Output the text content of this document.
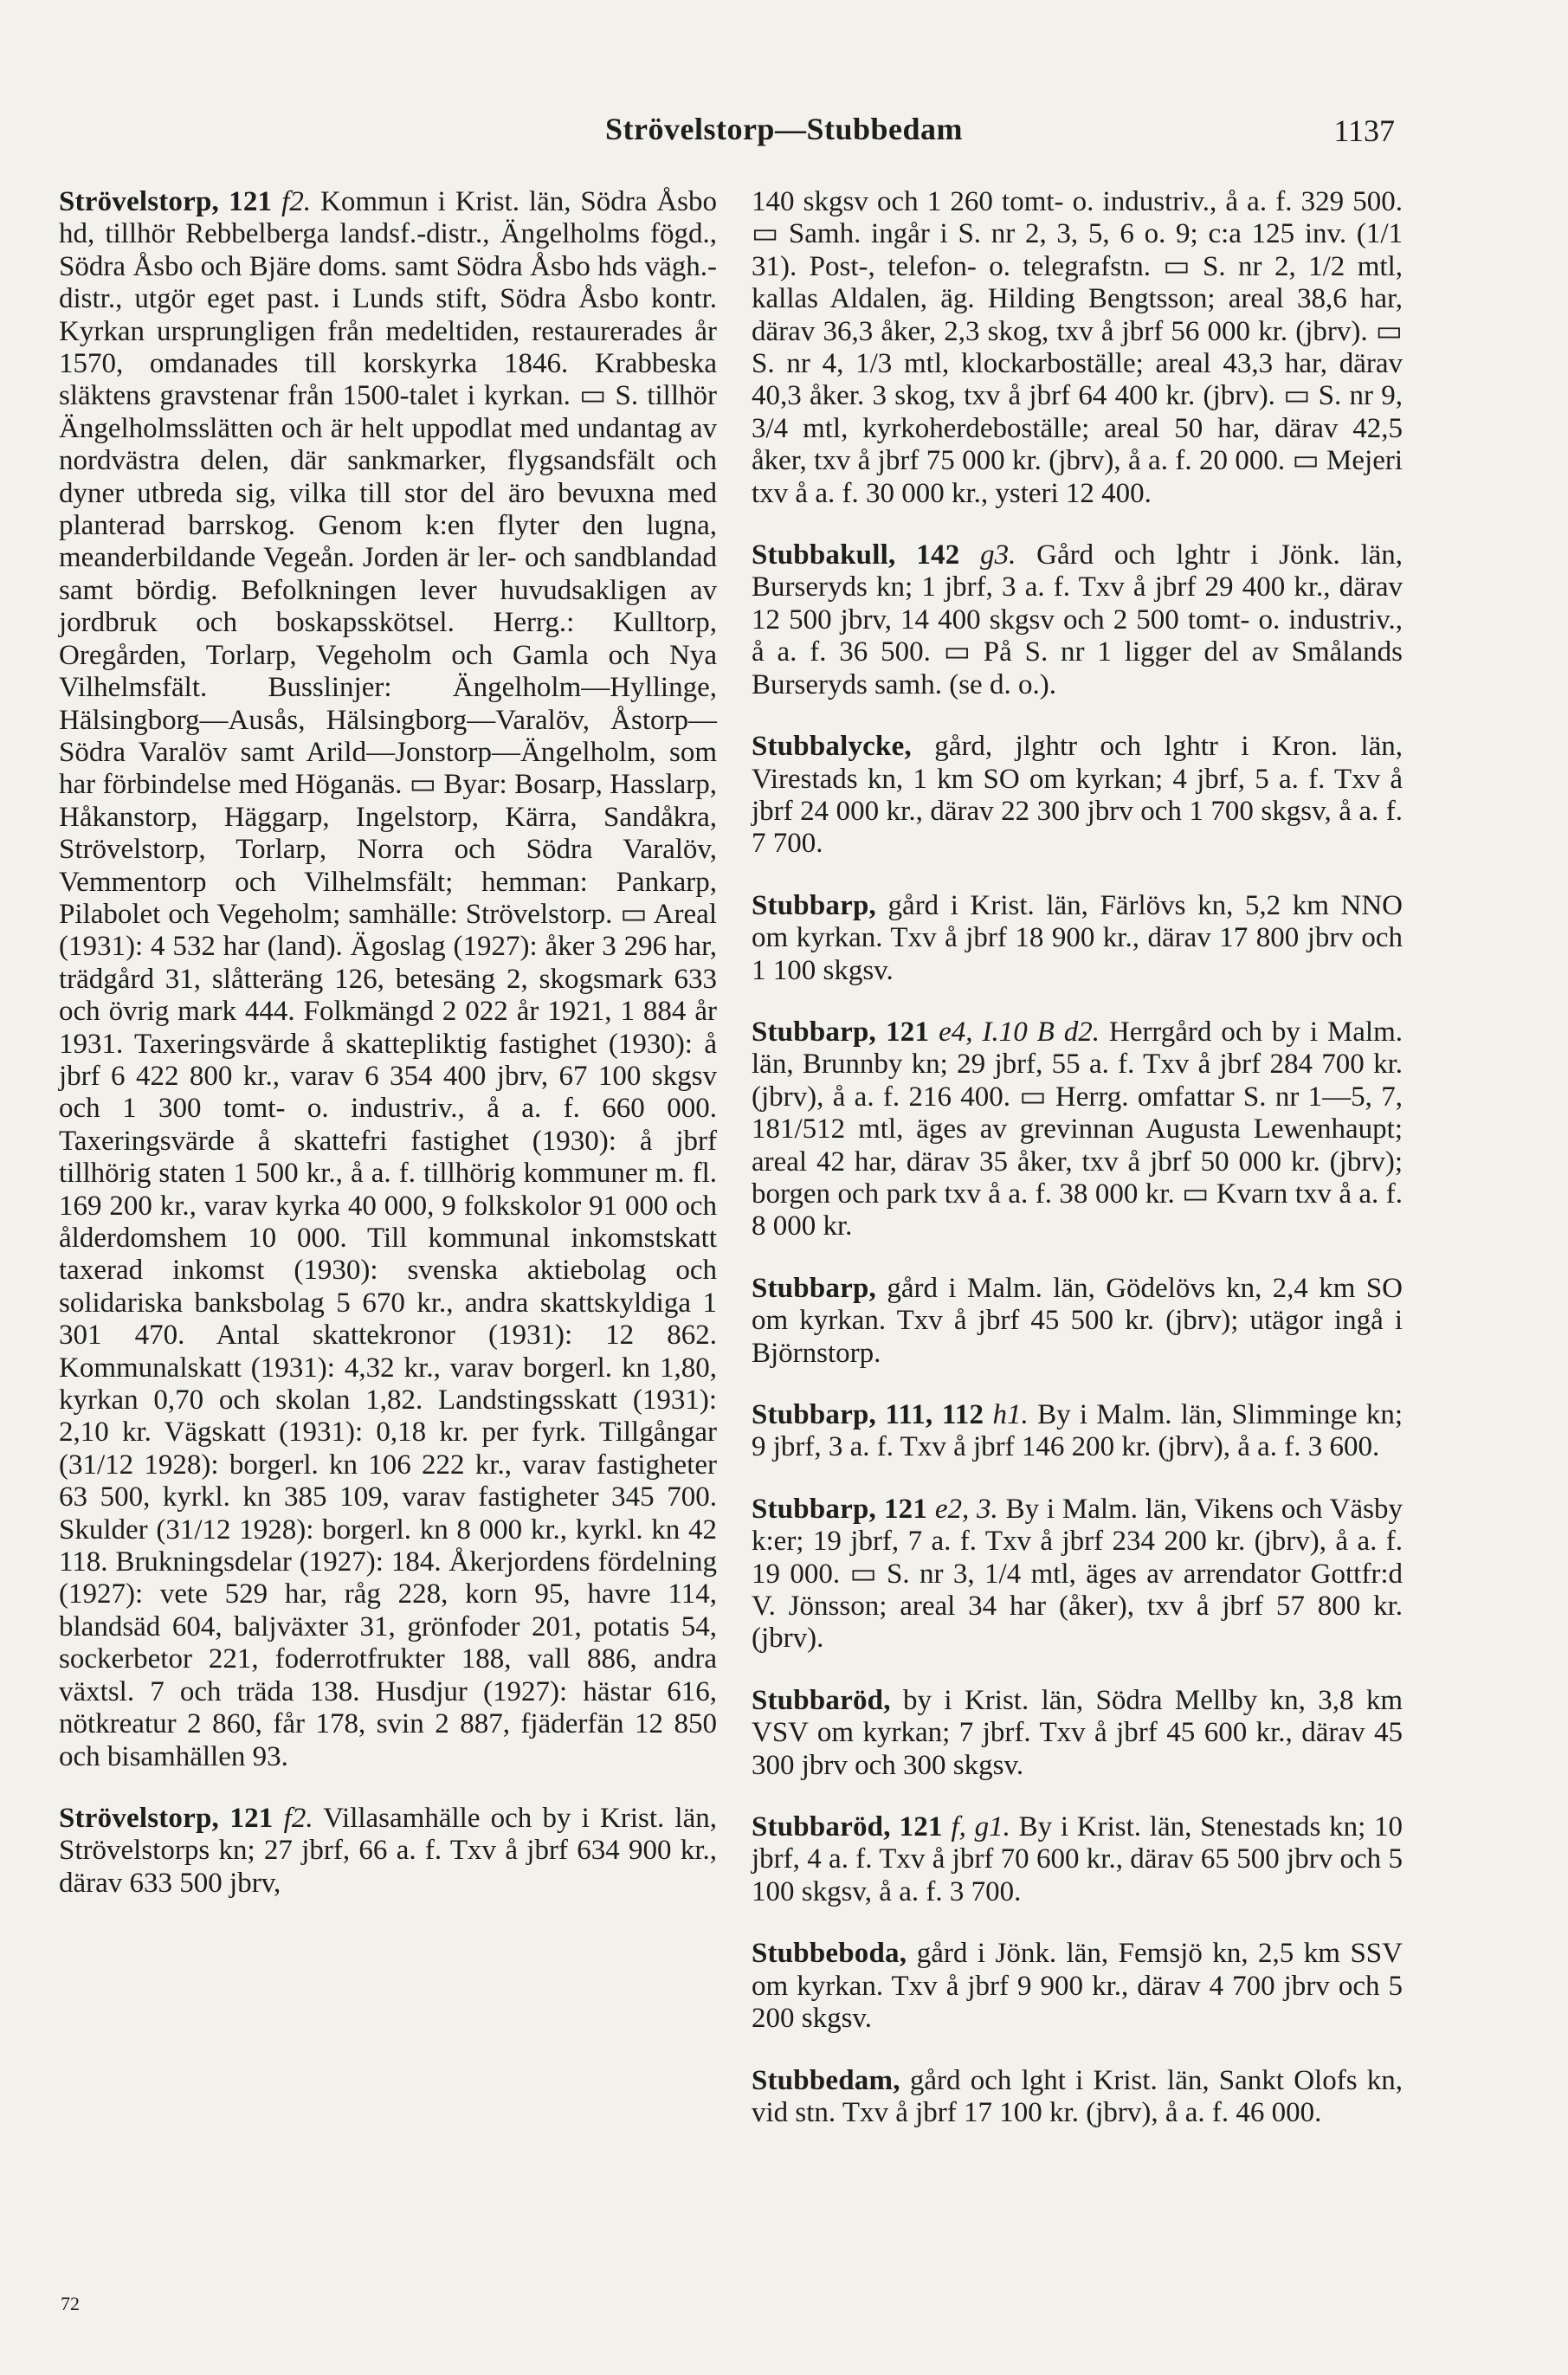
Strövelstorp—Stubbedam	1137

Strövelstorp, 121 f2. Kommun i Krist. län, Södra Åsbo hd, tillhör Rebbelberga landsf.-distr., Ängelholms fögd., Södra Åsbo och Bjäre doms. samt Södra Åsbo hds vägh.-distr., utgör eget past. i Lunds stift, Södra Åsbo kontr. Kyrkan ursprungligen från medeltiden, restaurerades år 1570, omdanades till korskyrka 1846. Krabbeska släktens gravstenar från 1500-talet i kyrkan. ▭ S. tillhör Ängelholmsslätten och är helt uppodlat med undantag av nordvästra delen, där sankmarker, flygsandsfält och dyner utbreda sig, vilka till stor del äro bevuxna med planterad barrskog. Genom k:en flyter den lugna, meanderbildande Vegeån. Jorden är ler- och sandblandad samt bördig. Befolkningen lever huvudsakligen av jordbruk och boskapsskötsel. Herrg.: Kulltorp, Oregården, Torlarp, Vegeholm och Gamla och Nya Vilhelmsfält. Busslinjer: Ängelholm—Hyllinge, Hälsingborg—Ausås, Hälsingborg—Varalöv, Åstorp—Södra Varalöv samt Arild—Jonstorp—Ängelholm, som har förbindelse med Höganäs. ▭ Byar: Bosarp, Hasslarp, Håkanstorp, Häggarp, Ingelstorp, Kärra, Sandåkra, Strövelstorp, Torlarp, Norra och Södra Varalöv, Vemmentorp och Vilhelmsfält; hemman: Pankarp, Pilabolet och Vegeholm; samhälle: Strövelstorp. ▭ Areal (1931): 4 532 har (land). Ägoslag (1927): åker 3 296 har, trädgård 31, slåtteräng 126, betesäng 2, skogsmark 633 och övrig mark 444. Folkmängd 2 022 år 1921, 1 884 år 1931. Taxeringsvärde å skattepliktig fastighet (1930): å jbrf 6 422 800 kr., varav 6 354 400 jbrv, 67 100 skgsv och 1 300 tomt- o. industriv., å a. f. 660 000. Taxeringsvärde å skattefri fastighet (1930): å jbrf tillhörig staten 1 500 kr., å a. f. tillhörig kommuner m. fl. 169 200 kr., varav kyrka 40 000, 9 folkskolor 91 000 och ålderdomshem 10 000. Till kommunal inkomstskatt taxerad inkomst (1930): svenska aktiebolag och solidariska banksbolag 5 670 kr., andra skattskyldiga 1 301 470. Antal skattekronor (1931): 12 862. Kommunalskatt (1931): 4,32 kr., varav borgerl. kn 1,80, kyrkan 0,70 och skolan 1,82. Landstingsskatt (1931): 2,10 kr. Vägskatt (1931): 0,18 kr. per fyrk. Tillgångar (31/12 1928): borgerl. kn 106 222 kr., varav fastigheter 63 500, kyrkl. kn 385 109, varav fastigheter 345 700. Skulder (31/12 1928): borgerl. kn 8 000 kr., kyrkl. kn 42 118. Brukningsdelar (1927): 184. Åkerjordens fördelning (1927): vete 529 har, råg 228, korn 95, havre 114, blandsäd 604, baljväxter 31, grönfoder 201, potatis 54, sockerbetor 221, foderrotfrukter 188, vall 886, andra växtsl. 7 och träda 138. Husdjur (1927): hästar 616, nötkreatur 2 860, får 178, svin 2 887, fjäderfän 12 850 och bisamhällen 93.

Strövelstorp, 121 f2. Villasamhälle och by i Krist. län, Strövelstorps kn; 27 jbrf, 66 a. f. Txv å jbrf 634 900 kr., därav 633 500 jbrv,

140 skgsv och 1 260 tomt- o. industriv., å a. f. 329 500. ▭ Samh. ingår i S. nr 2, 3, 5, 6 o. 9; c:a 125 inv. (1/1 31). Post-, telefon- o. telegrafstn. ▭ S. nr 2, 1/2 mtl, kallas Aldalen, äg. Hilding Bengtsson; areal 38,6 har, därav 36,3 åker, 2,3 skog, txv å jbrf 56 000 kr. (jbrv). ▭ S. nr 4, 1/3 mtl, klockarboställe; areal 43,3 har, därav 40,3 åker. 3 skog, txv å jbrf 64 400 kr. (jbrv). ▭ S. nr 9, 3/4 mtl, kyrkoherdeboställe; areal 50 har, därav 42,5 åker, txv å jbrf 75 000 kr. (jbrv), å a. f. 20 000. ▭ Mejeri txv å a. f. 30 000 kr., ysteri 12 400.

Stubbakull, 142 g3. Gård och lghtr i Jönk. län, Burseryds kn; 1 jbrf, 3 a. f. Txv å jbrf 29 400 kr., därav 12 500 jbrv, 14 400 skgsv och 2 500 tomt- o. industriv., å a. f. 36 500. ▭ På S. nr 1 ligger del av Smålands Burseryds samh. (se d. o.).

Stubbalycke, gård, jlghtr och lghtr i Kron. län, Virestads kn, 1 km SO om kyrkan; 4 jbrf, 5 a. f. Txv å jbrf 24 000 kr., därav 22 300 jbrv och 1 700 skgsv, å a. f. 7 700.

Stubbarp, gård i Krist. län, Färlövs kn, 5,2 km NNO om kyrkan. Txv å jbrf 18 900 kr., därav 17 800 jbrv och 1 100 skgsv.

Stubbarp, 121 e4, I.10 B d2. Herrgård och by i Malm. län, Brunnby kn; 29 jbrf, 55 a. f. Txv å jbrf 284 700 kr. (jbrv), å a. f. 216 400. ▭ Herrg. omfattar S. nr 1—5, 7, 181/512 mtl, äges av grevinnan Augusta Lewenhaupt; areal 42 har, därav 35 åker, txv å jbrf 50 000 kr. (jbrv); borgen och park txv å a. f. 38 000 kr. ▭ Kvarn txv å a. f. 8 000 kr.

Stubbarp, gård i Malm. län, Gödelövs kn, 2,4 km SO om kyrkan. Txv å jbrf 45 500 kr. (jbrv); utägor ingå i Björnstorp.

Stubbarp, 111, 112 h1. By i Malm. län, Slimminge kn; 9 jbrf, 3 a. f. Txv å jbrf 146 200 kr. (jbrv), å a. f. 3 600.

Stubbarp, 121 e2, 3. By i Malm. län, Vikens och Väsby k:er; 19 jbrf, 7 a. f. Txv å jbrf 234 200 kr. (jbrv), å a. f. 19 000. ▭ S. nr 3, 1/4 mtl, äges av arrendator Gottfr:d V. Jönsson; areal 34 har (åker), txv å jbrf 57 800 kr. (jbrv).

Stubbaröd, by i Krist. län, Södra Mellby kn, 3,8 km VSV om kyrkan; 7 jbrf. Txv å jbrf 45 600 kr., därav 45 300 jbrv och 300 skgsv.

Stubbaröd, 121 f, g1. By i Krist. län, Stenestads kn; 10 jbrf, 4 a. f. Txv å jbrf 70 600 kr., därav 65 500 jbrv och 5 100 skgsv, å a. f. 3 700.

Stubbeboda, gård i Jönk. län, Femsjö kn, 2,5 km SSV om kyrkan. Txv å jbrf 9 900 kr., därav 4 700 jbrv och 5 200 skgsv.

Stubbedam, gård och lght i Krist. län, Sankt Olofs kn, vid stn. Txv å jbrf 17 100 kr. (jbrv), å a. f. 46 000.

72
